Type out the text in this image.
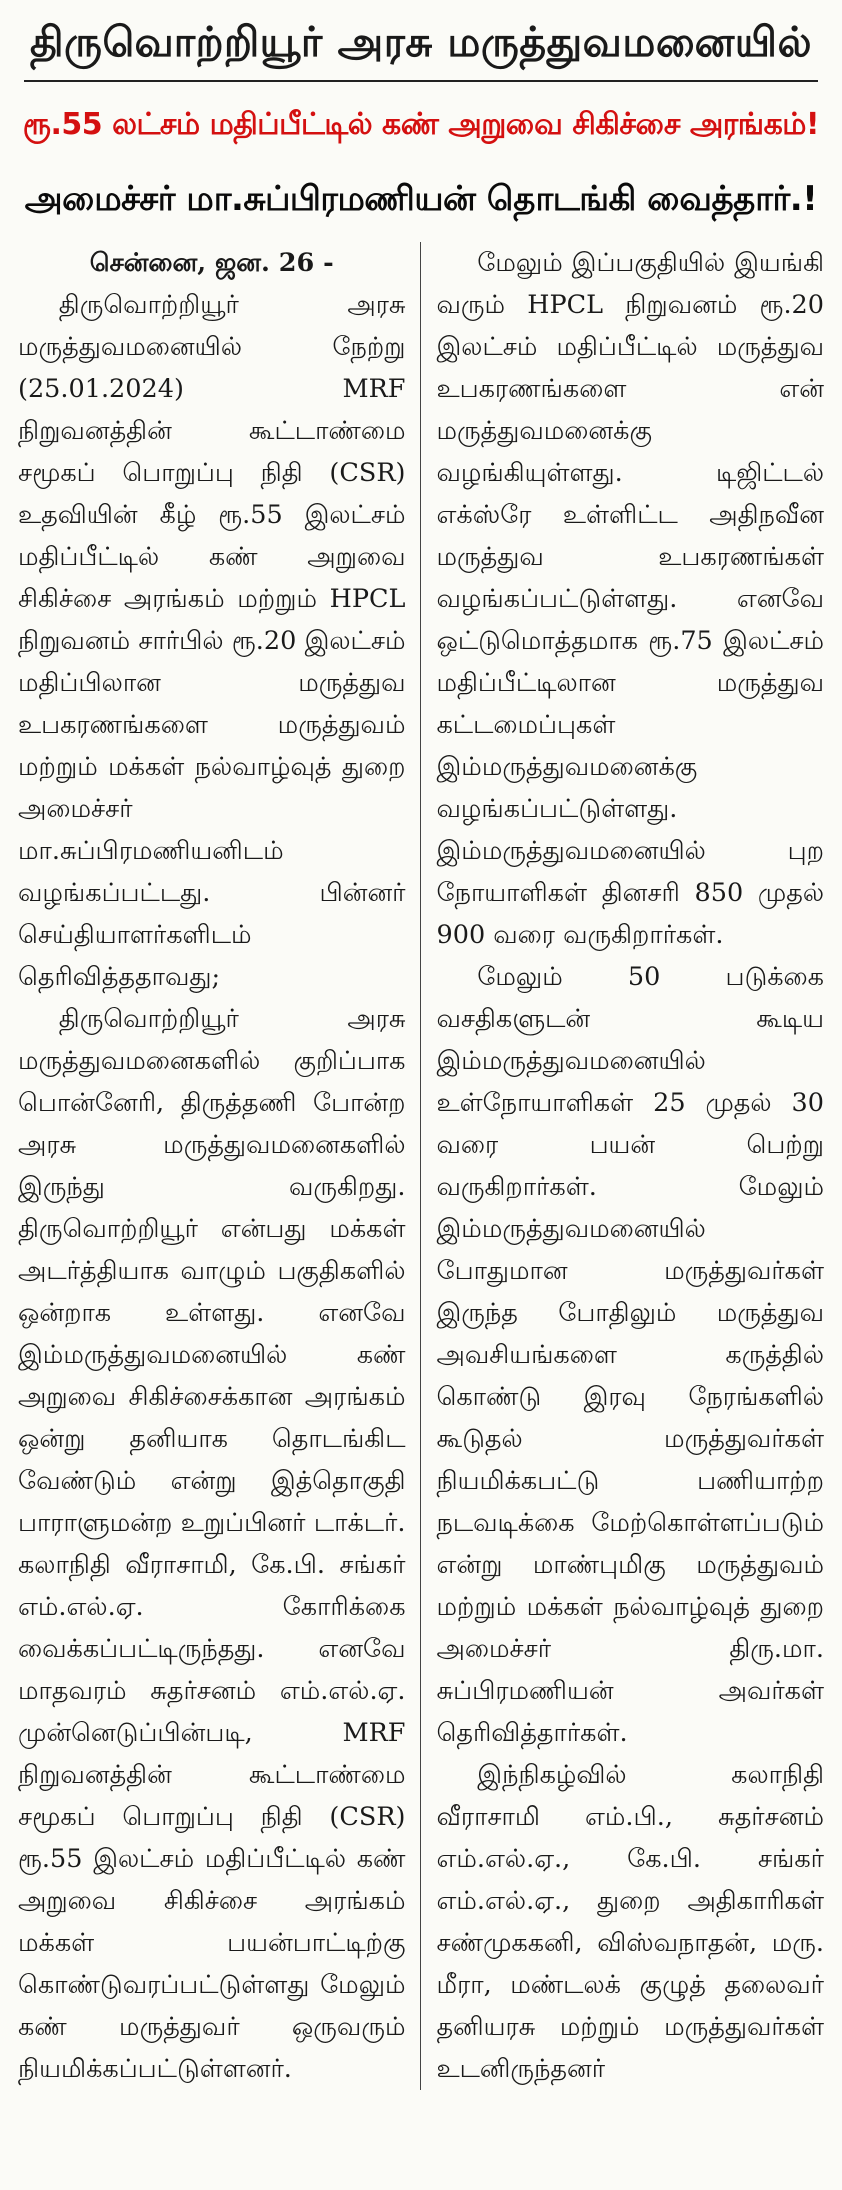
திருவொற்றியூர் அரசு மருத்துவமனையில்
ரூ.55 லட்சம் மதிப்பீட்டில் கண் அறுவை சிகிச்சை அரங்கம்!
அமைச்சர் மா.சுப்பிரமணியன் தொடங்கி வைத்தார்.!

சென்னை, ஜன. 26 -

திருவொற்றியூர் அரசு மருத்துவமனையில் நேற்று (25.01.2024) MRF நிறுவனத்தின் கூட்டாண்மை சமூகப் பொறுப்பு நிதி (CSR) உதவியின் கீழ் ரூ.55 இலட்சம் மதிப்பீட்டில் கண் அறுவை சிகிச்சை அரங்கம் மற்றும் HPCL நிறுவனம் சார்பில் ரூ.20 இலட்சம் மதிப்பிலான மருத்துவ உபகரணங்களை மருத்துவம் மற்றும் மக்கள் நல்வாழ்வுத் துறை அமைச்சர் மா.சுப்பிரமணியனிடம் வழங்கப்பட்டது. பின்னர் செய்தியாளர்களிடம் தெரிவித்ததாவது;

திருவொற்றியூர் அரசு மருத்துவமனைகளில் குறிப்பாக பொன்னேரி, திருத்தணி போன்ற அரசு மருத்துவமனைகளில் இருந்து வருகிறது. திருவொற்றியூர் என்பது மக்கள் அடர்த்தியாக வாழும் பகுதிகளில் ஒன்றாக உள்ளது. எனவே இம்மருத்துவமனையில் கண் அறுவை சிகிச்சைக்கான அரங்கம் ஒன்று தனியாக தொடங்கிட வேண்டும் என்று இத்தொகுதி பாராளுமன்ற உறுப்பினர் டாக்டர். கலாநிதி வீராசாமி, கே.பி. சங்கர் எம்.எல்.ஏ. கோரிக்கை வைக்கப்பட்டிருந்தது. எனவே மாதவரம் சுதர்சனம் எம்.எல்.ஏ. முன்னெடுப்பின்படி, MRF நிறுவனத்தின் கூட்டாண்மை சமூகப் பொறுப்பு நிதி (CSR) ரூ.55 இலட்சம் மதிப்பீட்டில் கண் அறுவை சிகிச்சை அரங்கம் மக்கள் பயன்பாட்டிற்கு கொண்டுவரப்பட்டுள்ளது மேலும் கண் மருத்துவர் ஒருவரும் நியமிக்கப்பட்டுள்ளனர்.

மேலும் இப்பகுதியில் இயங்கி வரும் HPCL நிறுவனம் ரூ.20 இலட்சம் மதிப்பீட்டில் மருத்துவ உபகரணங்களை என் மருத்துவமனைக்கு வழங்கியுள்ளது. டிஜிட்டல் எக்ஸ்ரே உள்ளிட்ட அதிநவீன மருத்துவ உபகரணங்கள் வழங்கப்பட்டுள்ளது. எனவே ஒட்டுமொத்தமாக ரூ.75 இலட்சம் மதிப்பீட்டிலான மருத்துவ கட்டமைப்புகள் இம்மருத்துவமனைக்கு வழங்கப்பட்டுள்ளது. இம்மருத்துவமனையில் புற நோயாளிகள் தினசரி 850 முதல் 900 வரை வருகிறார்கள்.

மேலும் 50 படுக்கை வசதிகளுடன் கூடிய இம்மருத்துவமனையில் உள்நோயாளிகள் 25 முதல் 30 வரை பயன் பெற்று வருகிறார்கள். மேலும் இம்மருத்துவமனையில் போதுமான மருத்துவர்கள் இருந்த போதிலும் மருத்துவ அவசியங்களை கருத்தில் கொண்டு இரவு நேரங்களில் கூடுதல் மருத்துவர்கள் நியமிக்கபட்டு பணியாற்ற நடவடிக்கை மேற்கொள்ளப்படும் என்று மாண்புமிகு மருத்துவம் மற்றும் மக்கள் நல்வாழ்வுத் துறை அமைச்சர் திரு.மா. சுப்பிரமணியன் அவர்கள் தெரிவித்தார்கள்.

இந்நிகழ்வில் கலாநிதி வீராசாமி எம்.பி., சுதர்சனம் எம்.எல்.ஏ., கே.பி. சங்கர் எம்.எல்.ஏ., துறை அதிகாரிகள் சண்முககனி, விஸ்வநாதன், மரு. மீரா, மண்டலக் குழுத் தலைவர் தனியரசு மற்றும் மருத்துவர்கள் உடனிருந்தனர்
